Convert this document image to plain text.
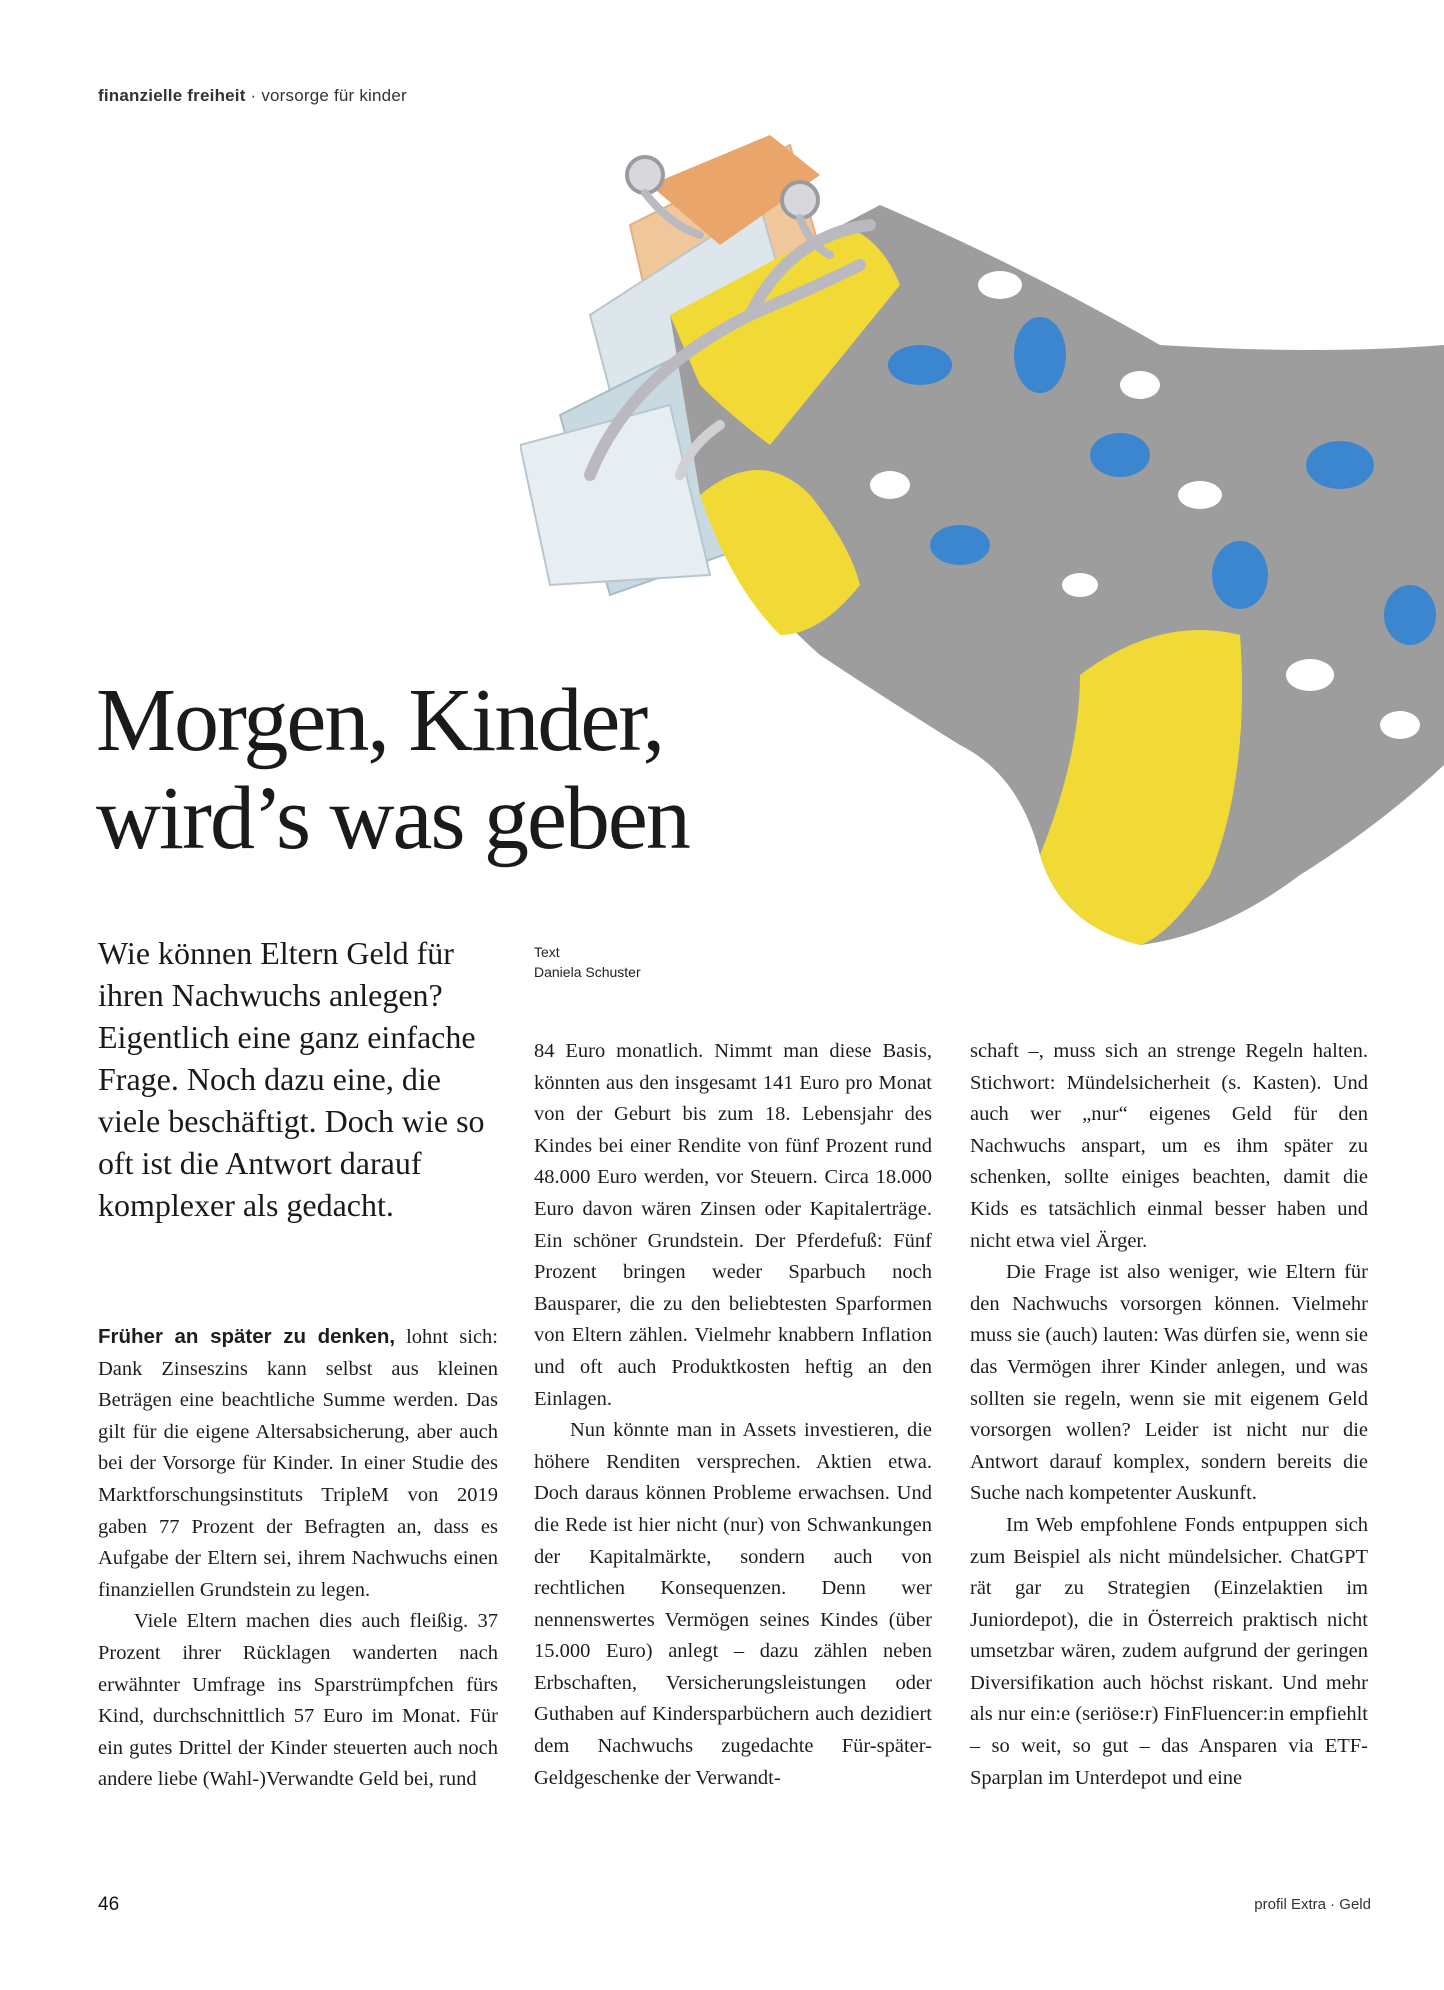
finanzielle freiheit · vorsorge für kinder
Morgen, Kinder,
wird’s was geben

Wie können Eltern Geld für ihren Nachwuchs anlegen? Eigentlich eine ganz einfache Frage. Noch dazu eine, die viele beschäftigt. Doch wie so oft ist die Antwort darauf komplexer als gedacht.

Text
Daniela Schuster

Früher an später zu denken, lohnt sich: Dank Zinseszins kann selbst aus kleinen Beträgen eine beachtliche Summe werden. Das gilt für die eigene Altersabsicherung, aber auch bei der Vorsorge für Kinder. In einer Studie des Marktforschungsinstituts TripleM von 2019 gaben 77 Prozent der Befragten an, dass es Aufgabe der Eltern sei, ihrem Nachwuchs einen finanziellen Grundstein zu legen.

Viele Eltern machen dies auch fleißig. 37 Prozent ihrer Rücklagen wanderten nach erwähnter Umfrage ins Sparstrümpfchen fürs Kind, durchschnittlich 57 Euro im Monat. Für ein gutes Drittel der Kinder steuerten auch noch andere liebe (Wahl-)Verwandte Geld bei, rund

84 Euro monatlich. Nimmt man diese Basis, könnten aus den insgesamt 141 Euro pro Monat von der Geburt bis zum 18. Lebensjahr des Kindes bei einer Rendite von fünf Prozent rund 48.000 Euro werden, vor Steuern. Circa 18.000 Euro davon wären Zinsen oder Kapitalerträge. Ein schöner Grundstein. Der Pferdefuß: Fünf Prozent bringen weder Sparbuch noch Bausparer, die zu den beliebtesten Sparformen von Eltern zählen. Vielmehr knabbern Inflation und oft auch Produktkosten heftig an den Einlagen.

Nun könnte man in Assets investieren, die höhere Renditen versprechen. Aktien etwa. Doch daraus können Probleme erwachsen. Und die Rede ist hier nicht (nur) von Schwankungen der Kapitalmärkte, sondern auch von rechtlichen Konsequenzen. Denn wer nennenswertes Vermögen seines Kindes (über 15.000 Euro) anlegt – dazu zählen neben Erbschaften, Versicherungsleistungen oder Guthaben auf Kindersparbüchern auch dezidiert dem Nachwuchs zugedachte Für-später-Geldgeschenke der Verwandt-

schaft –, muss sich an strenge Regeln halten. Stichwort: Mündelsicherheit (s. Kasten). Und auch wer „nur“ eigenes Geld für den Nachwuchs anspart, um es ihm später zu schenken, sollte einiges beachten, damit die Kids es tatsächlich einmal besser haben und nicht etwa viel Ärger.

Die Frage ist also weniger, wie Eltern für den Nachwuchs vorsorgen können. Vielmehr muss sie (auch) lauten: Was dürfen sie, wenn sie das Vermögen ihrer Kinder anlegen, und was sollten sie regeln, wenn sie mit eigenem Geld vorsorgen wollen? Leider ist nicht nur die Antwort darauf komplex, sondern bereits die Suche nach kompetenter Auskunft.

Im Web empfohlene Fonds entpuppen sich zum Beispiel als nicht mündelsicher. ChatGPT rät gar zu Strategien (Einzelaktien im Juniordepot), die in Österreich praktisch nicht umsetzbar wären, zudem aufgrund der geringen Diversifikation auch höchst riskant. Und mehr als nur ein:e (seriöse:r) FinFluencer:in empfiehlt – so weit, so gut – das Ansparen via ETF-Sparplan im Unterdepot und eine

46	profil Extra · Geld
